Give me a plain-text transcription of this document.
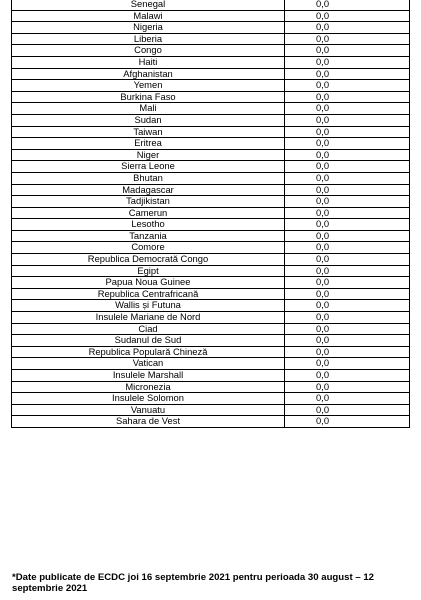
Senegal	0,0
Malawi	0,0
Nigeria	0,0
Liberia	0,0
Congo	0,0
Haiti	0,0
Afghanistan	0,0
Yemen	0,0
Burkina Faso	0,0
Mali	0,0
Sudan	0,0
Taiwan	0,0
Eritrea	0,0
Niger	0,0
Sierra Leone	0,0
Bhutan	0,0
Madagascar	0,0
Tadjikistan	0,0
Camerun	0,0
Lesotho	0,0
Tanzania	0,0
Comore	0,0
Republica Democrată Congo	0,0
Egipt	0,0
Papua Noua Guinee	0,0
Republica Centrafricană	0,0
Wallis și Futuna	0,0
Insulele Mariane de Nord	0,0
Ciad	0,0
Sudanul de Sud	0,0
Republica Populară Chineză	0,0
Vatican	0,0
Insulele Marshall	0,0
Micronezia	0,0
Insulele Solomon	0,0
Vanuatu	0,0
Sahara de Vest	0,0
*Date publicate de ECDC joi 16 septembrie 2021 pentru perioada 30 august – 12 septembrie 2021
